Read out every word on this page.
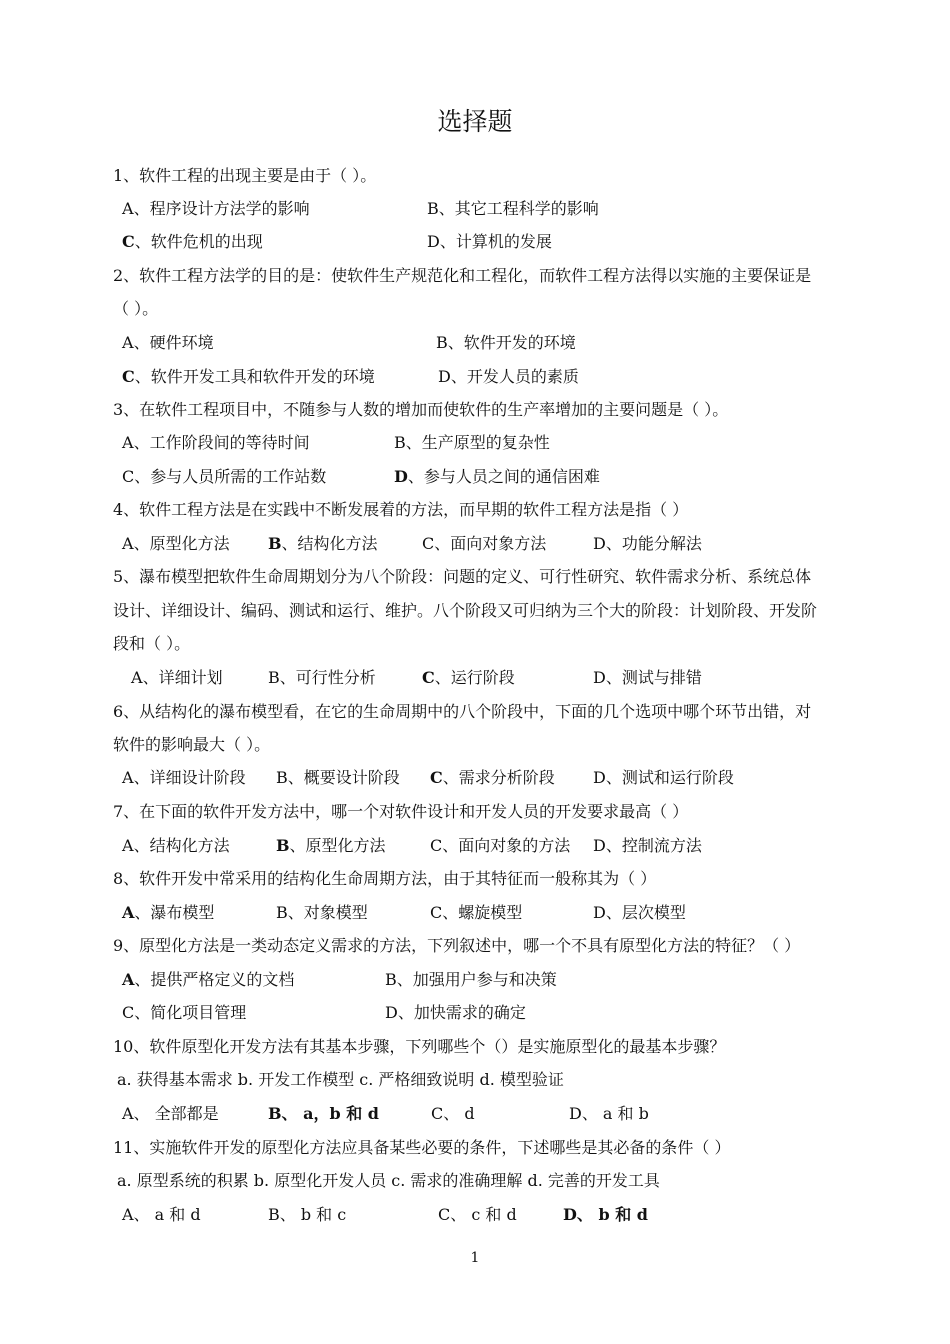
选择题
1、软件工程的出现主要是由于（ ）。
A、程序设计方法学的影响	B、其它工程科学的影响
C、软件危机的出现	D、计算机的发展
2、软件工程方法学的目的是：使软件生产规范化和工程化，而软件工程方法得以实施的主要保证是
（ ）。
A、硬件环境	B、软件开发的环境
C、软件开发工具和软件开发的环境	D、开发人员的素质
3、在软件工程项目中，不随参与人数的增加而使软件的生产率增加的主要问题是（ ）。
A、工作阶段间的等待时间	B、生产原型的复杂性
C、参与人员所需的工作站数	D、参与人员之间的通信困难
4、软件工程方法是在实践中不断发展着的方法，而早期的软件工程方法是指（ ）
A、原型化方法 B、结构化方法	C、面向对象方法	D、功能分解法
5、瀑布模型把软件生命周期划分为八个阶段：问题的定义、可行性研究、软件需求分析、系统总体
设计、详细设计、编码、测试和运行、维护。八个阶段又可归纳为三个大的阶段：计划阶段、开发阶
段和（ ）。
A、详细计划	B、可行性分析	C、运行阶段	D、测试与排错
6、从结构化的瀑布模型看，在它的生命周期中的八个阶段中，下面的几个选项中哪个环节出错，对
软件的影响最大（ ）。
A、详细设计阶段 B、概要设计阶段 C、需求分析阶段 D、测试和运行阶段
7、在下面的软件开发方法中，哪一个对软件设计和开发人员的开发要求最高（ ）
A、结构化方法	B、原型化方法	C、面向对象的方法 D、控制流方法
8、软件开发中常采用的结构化生命周期方法，由于其特征而一般称其为（ ）
A、瀑布模型	B、对象模型	C、螺旋模型	D、层次模型
9、原型化方法是一类动态定义需求的方法，下列叙述中，哪一个不具有原型化方法的特征？（ ）
A、提供严格定义的文档	B、加强用户参与和决策
C、简化项目管理	D、加快需求的确定
10、软件原型化开发方法有其基本步骤，下列哪些个（）是实施原型化的最基本步骤？
a. 获得基本需求 b. 开发工作模型 c. 严格细致说明 d. 模型验证
A、 全部都是	B、 a，b 和 d	C、 d	D、 a 和 b
11、实施软件开发的原型化方法应具备某些必要的条件，下述哪些是其必备的条件（ ）
a. 原型系统的积累 b. 原型化开发人员 c. 需求的准确理解 d. 完善的开发工具
A、 a 和 d	B、 b 和 c	C、 c 和 d	D、 b 和 d
1
